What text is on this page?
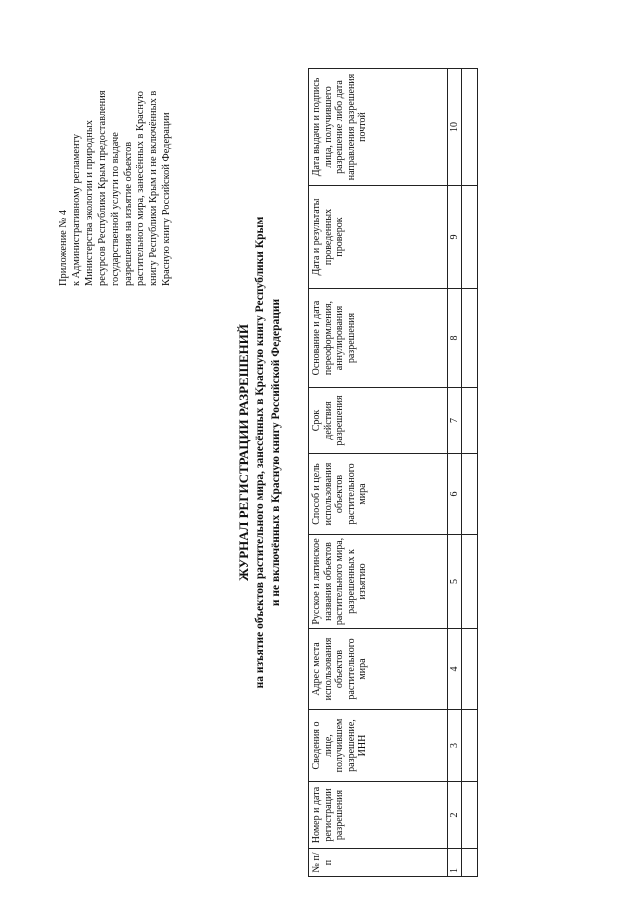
Приложение № 4 к Административному регламенту Министерства экологии и природных ресурсов Республики Крым предоставления государственной услуги по выдаче разрешения на изъятие объектов растительного мира, занесённых в Красную книгу Республики Крым и не включённых в Красную книгу Российской Федерации
ЖУРНАЛ РЕГИСТРАЦИИ РАЗРЕШЕНИЙ на изъятие объектов растительного мира, занесённых в Красную книгу Республики Крым и не включённых в Красную книгу Российской Федерации
№ п/п	Номер и дата регистрации разрешения	Сведения о лице, получившем разрешение, ИНН	Адрес места использования объектов растительного мира	Русское и латинское названия объектов растительного мира, разрешенных к изъятию	Способ и цель использования объектов растительного мира	Срок действия разрешения	Основание и дата переоформления, аннулирования разрешения	Дата и результаты проведенных проверок	Дата выдачи и подпись лица, получившего разрешение либо дата направления разрешения почтой
1	2	3	4	5	6	7	8	9	10
